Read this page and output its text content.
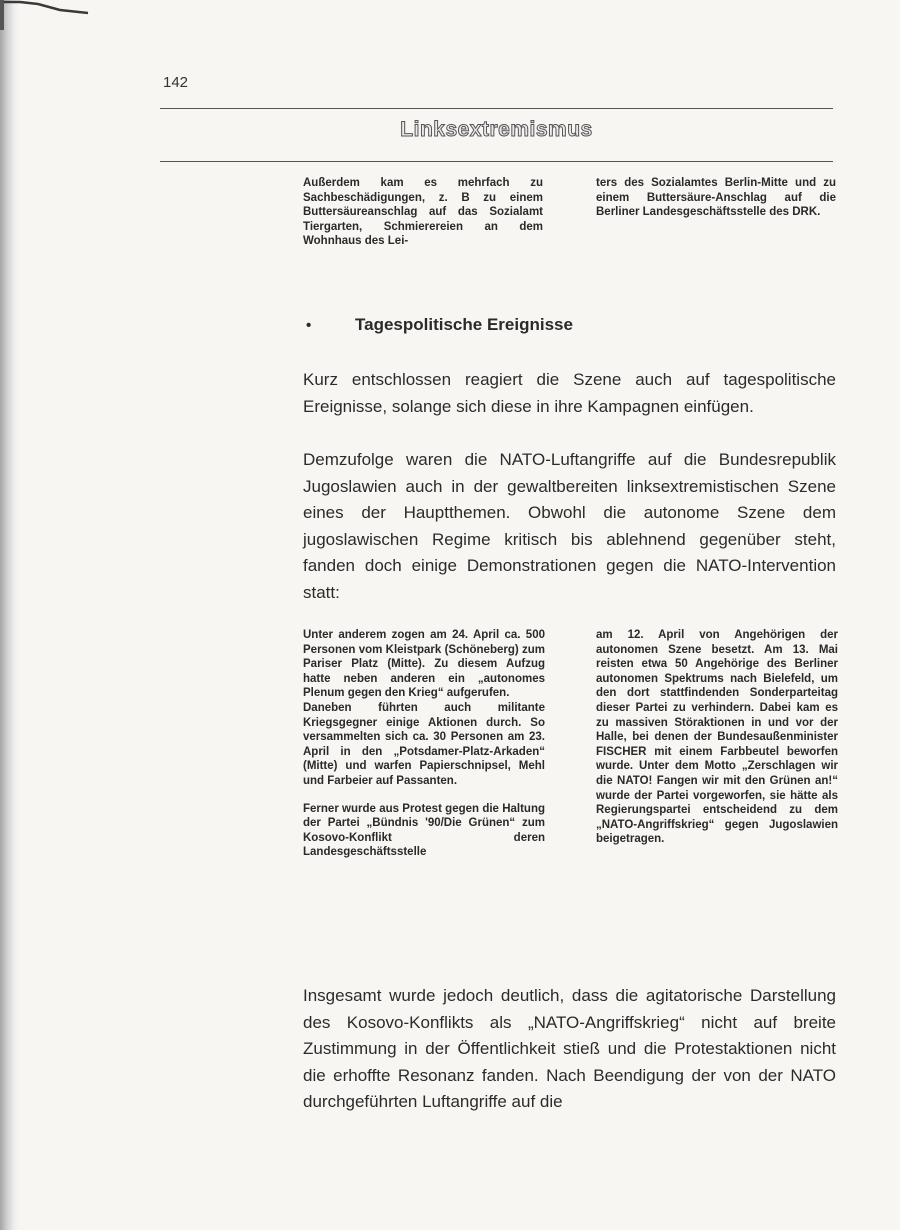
142
Linksextremismus

Außerdem kam es mehrfach zu Sachbeschädigungen, z. B zu einem Buttersäureanschlag auf das Sozialamt Tiergarten, Schmierereien an dem Wohnhaus des Lei-

ters des Sozialamtes Berlin-Mitte und zu einem Buttersäure-Anschlag auf die Berliner Landesgeschäftsstelle des DRK.

•	Tagespolitische Ereignisse

Kurz entschlossen reagiert die Szene auch auf tagespolitische Ereignisse, solange sich diese in ihre Kampagnen einfügen.

Demzufolge waren die NATO-Luftangriffe auf die Bundesrepublik Jugoslawien auch in der gewaltbereiten linksextremistischen Szene eines der Hauptthemen. Obwohl die autonome Szene dem jugoslawischen Regime kritisch bis ablehnend gegenüber steht, fanden doch einige Demonstrationen gegen die NATO-Intervention statt:

Unter anderem zogen am 24. April ca. 500 Personen vom Kleistpark (Schöneberg) zum Pariser Platz (Mitte). Zu diesem Aufzug hatte neben anderen ein „autonomes Plenum gegen den Krieg“ aufgerufen.

Daneben führten auch militante Kriegsgegner einige Aktionen durch. So versammelten sich ca. 30 Personen am 23. April in den „Potsdamer-Platz-Arkaden“ (Mitte) und warfen Papierschnipsel, Mehl und Farbeier auf Passanten.

Ferner wurde aus Protest gegen die Haltung der Partei „Bündnis '90/Die Grünen“ zum Kosovo-Konflikt deren Landesgeschäftsstelle

am 12. April von Angehörigen der autonomen Szene besetzt. Am 13. Mai reisten etwa 50 Angehörige des Berliner autonomen Spektrums nach Bielefeld, um den dort stattfindenden Sonderparteitag dieser Partei zu verhindern. Dabei kam es zu massiven Störaktionen in und vor der Halle, bei denen der Bundesaußenminister FISCHER mit einem Farbbeutel beworfen wurde. Unter dem Motto „Zerschlagen wir die NATO! Fangen wir mit den Grünen an!“ wurde der Partei vorgeworfen, sie hätte als Regierungspartei entscheidend zu dem „NATO-Angriffskrieg“ gegen Jugoslawien beigetragen.

Insgesamt wurde jedoch deutlich, dass die agitatorische Darstellung des Kosovo-Konflikts als „NATO-Angriffskrieg“ nicht auf breite Zustimmung in der Öffentlichkeit stieß und die Protestaktionen nicht die erhoffte Resonanz fanden. Nach Beendigung der von der NATO durchgeführten Luftangriffe auf die
